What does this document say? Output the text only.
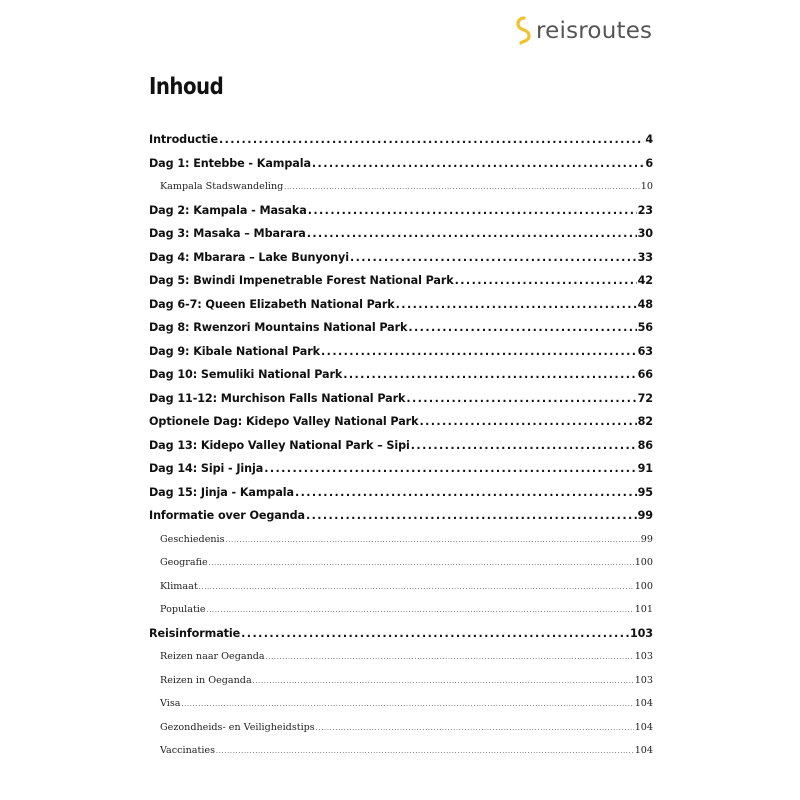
reisroutes
Inhoud
Introductie .....	4
Dag 1: Entebbe - Kampala .....	6
Kampala Stadswandeling .....	10
Dag 2: Kampala - Masaka .....	23
Dag 3: Masaka – Mbarara .....	30
Dag 4: Mbarara – Lake Bunyonyi .....	33
Dag 5: Bwindi Impenetrable Forest National Park .....	42
Dag 6-7: Queen Elizabeth National Park .....	48
Dag 8: Rwenzori Mountains National Park .....	56
Dag 9: Kibale National Park .....	63
Dag 10: Semuliki National Park .....	66
Dag 11-12: Murchison Falls National Park .....	72
Optionele Dag: Kidepo Valley National Park .....	82
Dag 13: Kidepo Valley National Park – Sipi .....	86
Dag 14: Sipi - Jinja .....	91
Dag 15: Jinja - Kampala .....	95
Informatie over Oeganda .....	99
Geschiedenis .....	99
Geografie .....	100
Klimaat .....	100
Populatie .....	101
Reisinformatie .....	103
Reizen naar Oeganda .....	103
Reizen in Oeganda .....	103
Visa .....	104
Gezondheids- en Veiligheidstips .....	104
Vaccinaties .....	104
